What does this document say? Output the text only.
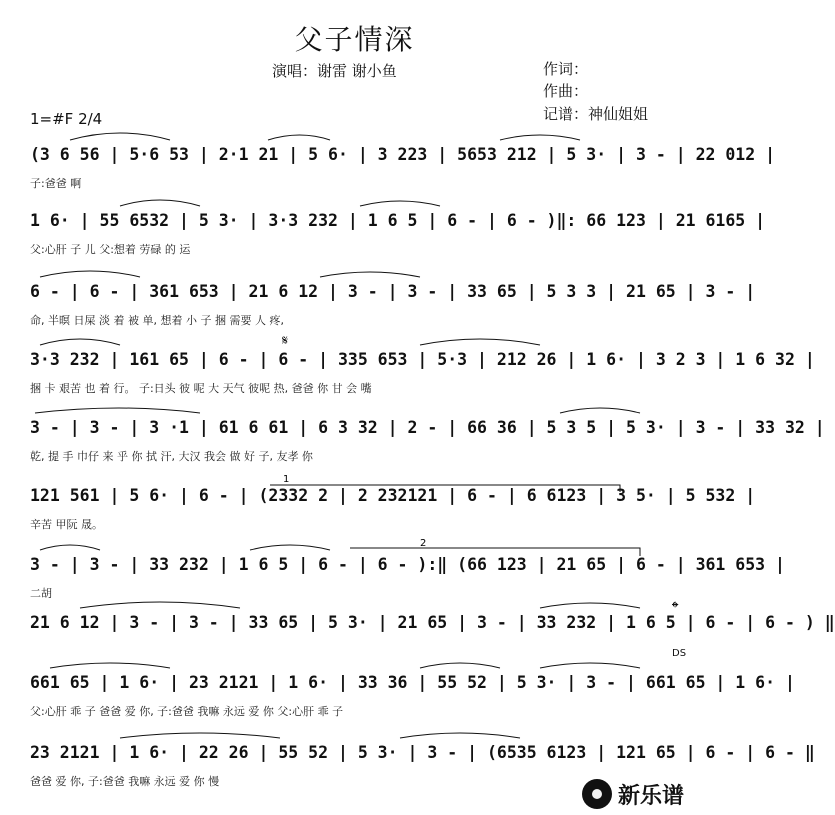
父子情深
演唱：谢雷 谢小鱼	作词：
作曲：
记谱：神仙姐姐
1=#F 2/4
(3 6 56 | 5·6 53 | 2·1 21 | 5 6· | 3 223 | 5653 212 | 5 3· | 3 - | 22 012 |
子:爸爸 啊
1 6· | 55 6532 | 5 3· | 3·3 232 | 1 6 5 | 6 - | 6 - )‖: 66 123 | 21 6165 |
父:心肝 子 儿 父:想着 劳碌 的 运
6 - | 6 - | 361 653 | 21 6 12 | 3 - | 3 - | 33 65 | 5 3 3 | 21 65 | 3 - |
命, 半暝 日屎 淡 着 被 单, 想着 小 子 捆 需要 人 疼,
3·3 232 | 161 65 | 6 - | 6 - | 335 653 | 5·3 | 212 26 | 1 6· | 3 2 3 | 1 6 32 |
捆 卡 艰苦 也 着 行。 子:日头 彼 呢 大 天气 彼呢 热, 爸爸 你 甘 会 嘴
3 - | 3 - | 3 ·1 | 61 6 61 | 6 3 32 | 2 - | 66 36 | 5 3 5 | 5 3· | 3 - | 33 32 |
乾, 提 手 巾仔 来 乎 你 拭 汗, 大汉 我会 做 好 子, 友孝 你
121 561 | 5 6· | 6 - | (2332 2 | 2 232121 | 6 - | 6 6123 | 3 5· | 5 532 |
辛苦 甲阮 晟。
3 - | 3 - | 33 232 | 1 6 5 | 6 - | 6 - ):‖ (66 123 | 21 65 | 6 - | 361 653 |
二胡
21 6 12 | 3 - | 3 - | 33 65 | 5 3· | 21 65 | 3 - | 33 232 | 1 6 5 | 6 - | 6 - ) ‖
661 65 | 1 6· | 23 2121 | 1 6· | 33 36 | 55 52 | 5 3· | 3 - | 661 65 | 1 6· |
父:心肝 乖 子 爸爸 爱 你, 子:爸爸 我嘛 永远 爱 你 父:心肝 乖 子
23 2121 | 1 6· | 22 26 | 55 52 | 5 3· | 3 - | (6535 6123 | 121 65 | 6 - | 6 - ‖
爸爸 爱 你, 子:爸爸 我嘛 永远 爱 你 慢
1
2
𝄋
𝄌
DS
新乐谱
